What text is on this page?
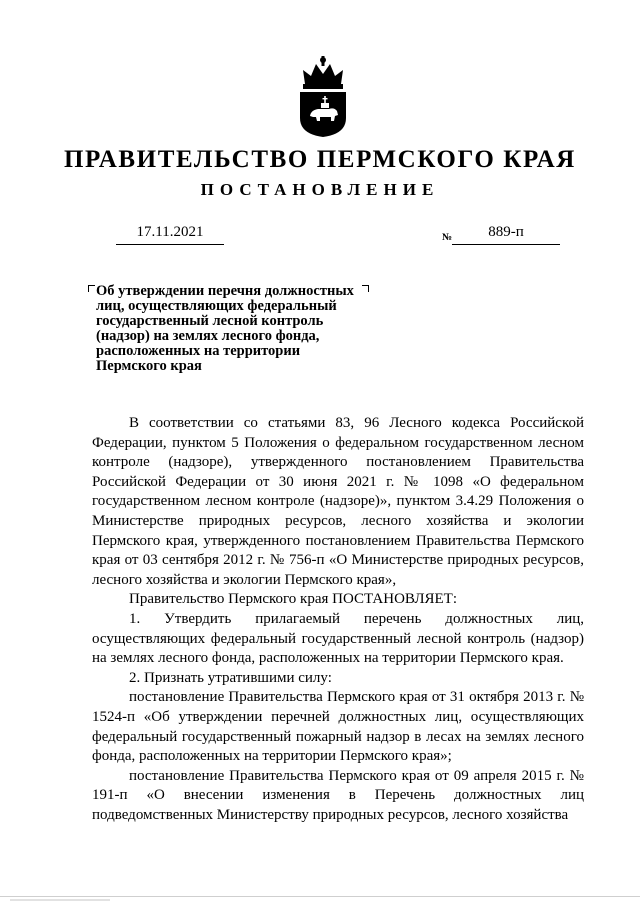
ПРАВИТЕЛЬСТВО ПЕРМСКОГО КРАЯ
ПОСТАНОВЛЕНИЕ
17.11.2021	№	889-п
Об утверждении перечня должностных
лиц, осуществляющих федеральный
государственный лесной контроль
(надзор) на землях лесного фонда,
расположенных на территории
Пермского края

В соответствии со статьями 83, 96 Лесного кодекса Российской Федерации, пунктом 5 Положения о федеральном государственном лесном контроле (надзоре), утвержденного постановлением Правительства Российской Федерации от 30 июня 2021 г. № 1098 «О федеральном государственном лесном контроле (надзоре)», пунктом 3.4.29 Положения о Министерстве природных ресурсов, лесного хозяйства и экологии Пермского края, утвержденного постановлением Правительства Пермского края от 03 сентября 2012 г. № 756-п «О Министерстве природных ресурсов, лесного хозяйства и экологии Пермского края»,

Правительство Пермского края ПОСТАНОВЛЯЕТ:

1. Утвердить прилагаемый перечень должностных лиц, осуществляющих федеральный государственный лесной контроль (надзор) на землях лесного фонда, расположенных на территории Пермского края.

2. Признать утратившими силу:

постановление Правительства Пермского края от 31 октября 2013 г. № 1524-п «Об утверждении перечней должностных лиц, осуществляющих федеральный государственный пожарный надзор в лесах на землях лесного фонда, расположенных на территории Пермского края»;

постановление Правительства Пермского края от 09 апреля 2015 г. № 191-п «О внесении изменения в Перечень должностных лиц подведомственных Министерству природных ресурсов, лесного хозяйства
